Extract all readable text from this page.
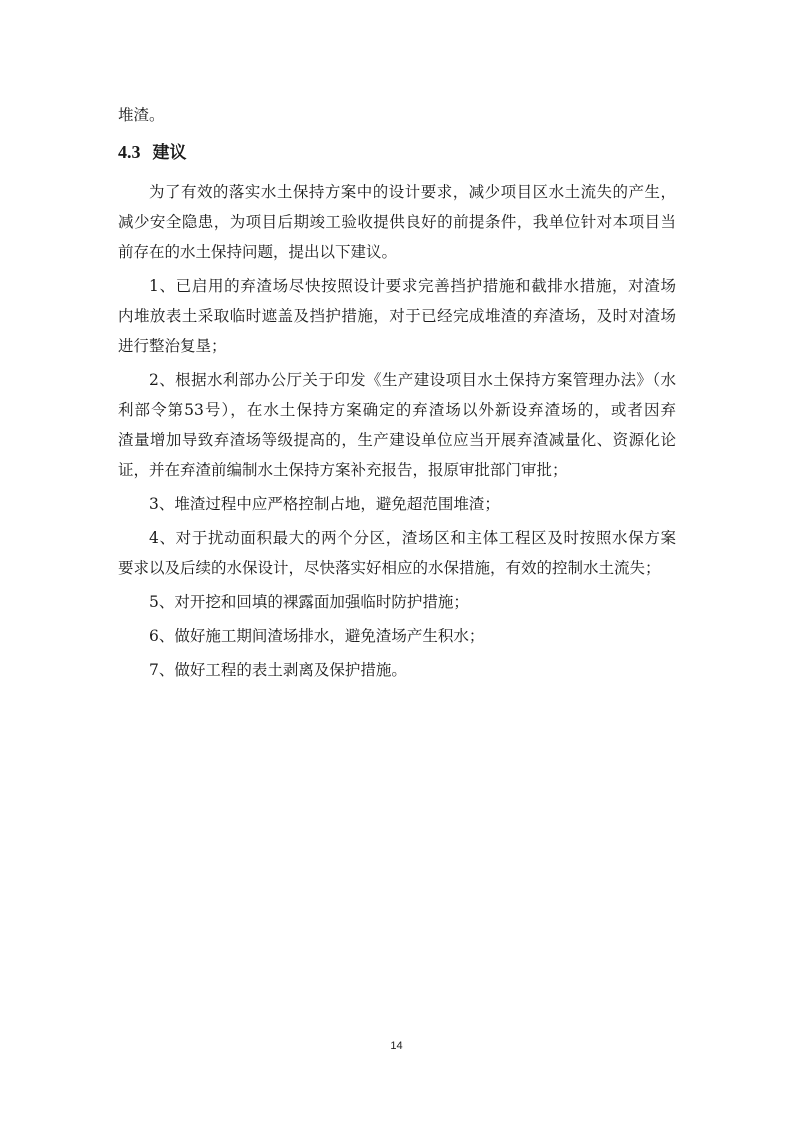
堆渣。

4.3 建议

为了有效的落实水土保持方案中的设计要求，减少项目区水土流失的产生，

减少安全隐患，为项目后期竣工验收提供良好的前提条件，我单位针对本项目当

前存在的水土保持问题，提出以下建议。

1、已启用的弃渣场尽快按照设计要求完善挡护措施和截排水措施，对渣场

内堆放表土采取临时遮盖及挡护措施，对于已经完成堆渣的弃渣场，及时对渣场

进行整治复垦；

2、根据水利部办公厅关于印发《生产建设项目水土保持方案管理办法》（水

利部令第53号），在水土保持方案确定的弃渣场以外新设弃渣场的，或者因弃

渣量增加导致弃渣场等级提高的，生产建设单位应当开展弃渣减量化、资源化论

证，并在弃渣前编制水土保持方案补充报告，报原审批部门审批；

3、堆渣过程中应严格控制占地，避免超范围堆渣；

4、对于扰动面积最大的两个分区，渣场区和主体工程区及时按照水保方案

要求以及后续的水保设计，尽快落实好相应的水保措施，有效的控制水土流失；

5、对开挖和回填的裸露面加强临时防护措施；

6、做好施工期间渣场排水，避免渣场产生积水；

7、做好工程的表土剥离及保护措施。

14
